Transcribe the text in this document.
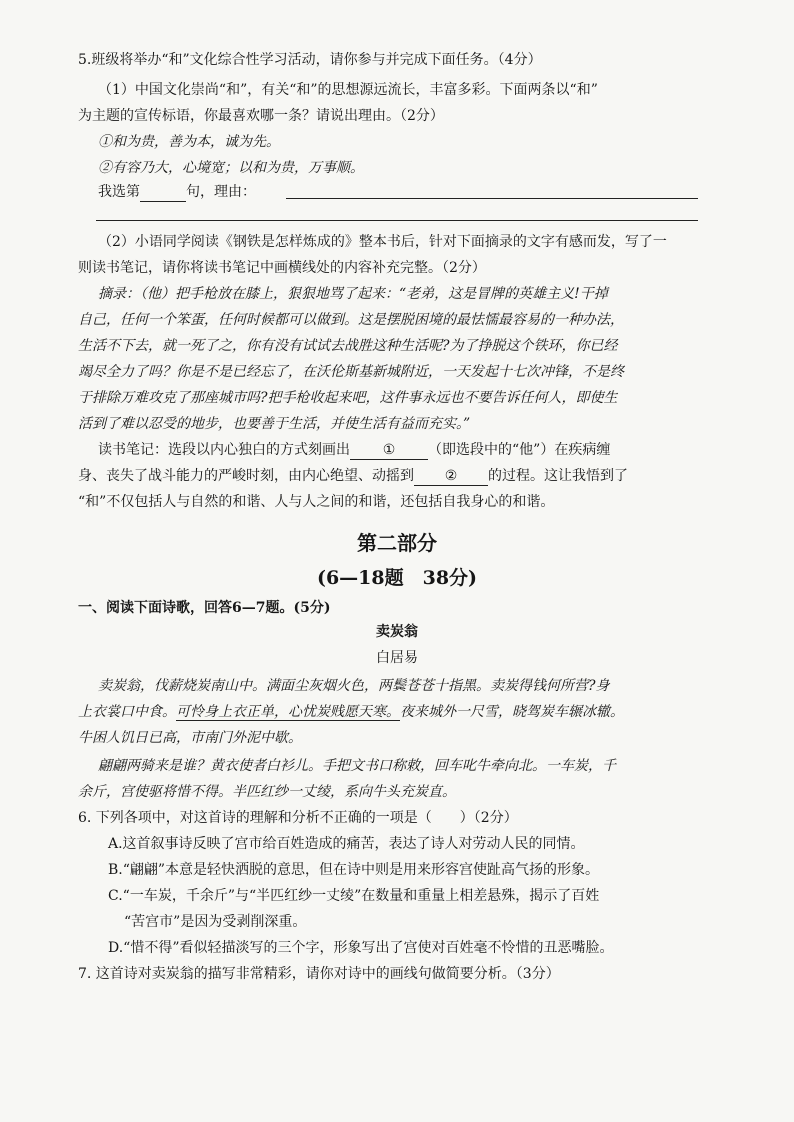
5.班级将举办“和”文化综合性学习活动，请你参与并完成下面任务。（4分）
（1）中国文化崇尚“和”，有关“和”的思想源远流长，丰富多彩。下面两条以“和”
为主题的宣传标语，你最喜欢哪一条？请说出理由。（2分）
①和为贵，善为本，诚为先。
②有容乃大，心境宽；以和为贵，万事顺。
我选第	句，理由：
（2）小语同学阅读《钢铁是怎样炼成的》整本书后，针对下面摘录的文字有感而发，写了一
则读书笔记，请你将读书笔记中画横线处的内容补充完整。（2分）
摘录：（他）把手枪放在膝上，狠狠地骂了起来：“老弟，这是冒牌的英雄主义!干掉
自己，任何一个笨蛋，任何时候都可以做到。这是摆脱困境的最怯懦最容易的一种办法，
生活不下去，就一死了之，你有没有试试去战胜这种生活呢?为了挣脱这个铁环，你已经
竭尽全力了吗？你是不是已经忘了，在沃伦斯基新城附近，一天发起十七次冲锋，不是终
于排除万难攻克了那座城市吗?把手枪收起来吧，这件事永远也不要告诉任何人，即使生
活到了难以忍受的地步，也要善于生活，并使生活有益而充实。”
读书笔记：选段以内心独白的方式刻画出 ① （即选段中的“他”）在疾病缠
身、丧失了战斗能力的严峻时刻，由内心绝望、动摇到 ② 的过程。这让我悟到了
“和”不仅包括人与自然的和谐、人与人之间的和谐，还包括自我身心的和谐。
第二部分
(6—18题　38分)
一、阅读下面诗歌，回答6—7题。(5分)
卖炭翁
白居易
卖炭翁，伐薪烧炭南山中。满面尘灰烟火色，两鬓苍苍十指黑。卖炭得钱何所营?身
上衣裳口中食。可怜身上衣正单，心忧炭贱愿天寒。夜来城外一尺雪，晓驾炭车辗冰辙。
牛困人饥日已高，市南门外泥中歇。
翩翩两骑来是谁？黄衣使者白衫儿。手把文书口称敕，回车叱牛牵向北。一车炭，千
余斤，宫使驱将惜不得。半匹红纱一丈绫，系向牛头充炭直。
6. 下列各项中，对这首诗的理解和分析不正确的一项是（　　）（2分）
A.这首叙事诗反映了宫市给百姓造成的痛苦，表达了诗人对劳动人民的同情。
B.“翩翩”本意是轻快洒脱的意思，但在诗中则是用来形容宫使趾高气扬的形象。
C.“一车炭，千余斤”与“半匹红纱一丈绫”在数量和重量上相差悬殊，揭示了百姓
“苦宫市”是因为受剥削深重。
D.“惜不得”看似轻描淡写的三个字，形象写出了宫使对百姓毫不怜惜的丑恶嘴脸。
7. 这首诗对卖炭翁的描写非常精彩，请你对诗中的画线句做简要分析。（3分）
